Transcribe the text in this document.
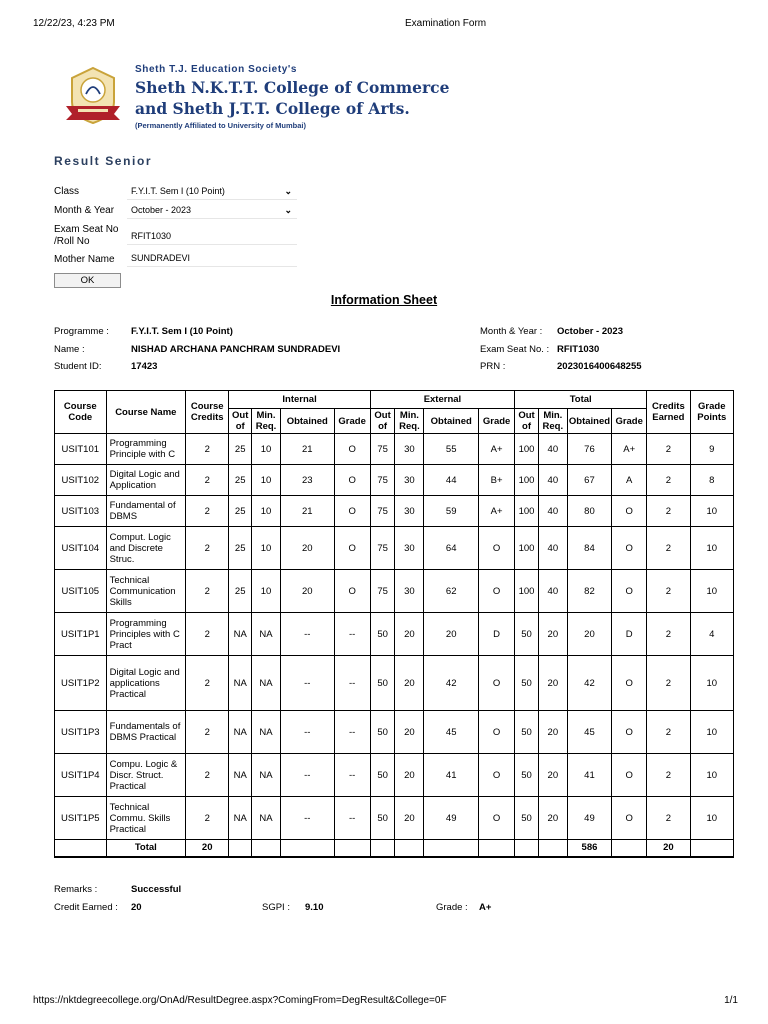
12/22/23, 4:23 PM	Examination Form
Sheth T.J. Education Society's
Sheth N.K.T.T. College of Commerce
and Sheth J.T.T. College of Arts.
(Permanently Affiliated to University of Mumbai)
Result Senior
Class	F.Y.I.T. Sem I (10 Point)	⌄
Month & Year	October - 2023	⌄
Exam Seat No
/Roll No	RFIT1030
Mother Name	SUNDRADEVI
OK
Information Sheet
Programme : F.Y.I.T. Sem I (10 Point)
Name :	NISHAD ARCHANA PANCHRAM SUNDRADEVI
Student ID:	17423
Month & Year : October - 2023
Exam Seat No. : RFIT1030
PRN :	2023016400648255
Course Code	Course Name	Course Credits	Internal				External				Total				Credits Earned	Grade Points
			Out of	Min. Req.	Obtained	Grade	Out of	Min. Req.	Obtained	Grade	Out of	Min. Req.	Obtained	Grade		
USIT101	Programming Principle with C	2	25	10	21	O	75	30	55	A+	100	40	76	A+	2	9
USIT102	Digital Logic and Application	2	25	10	23	O	75	30	44	B+	100	40	67	A	2	8
USIT103	Fundamental of DBMS	2	25	10	21	O	75	30	59	A+	100	40	80	O	2	10
USIT104	Comput. Logic and Discrete Struc.	2	25	10	20	O	75	30	64	O	100	40	84	O	2	10
USIT105	Technical Communication Skills	2	25	10	20	O	75	30	62	O	100	40	82	O	2	10
USIT1P1	Programming Principles with C Pract	2	NA	NA	--	--	50	20	20	D	50	20	20	D	2	4
USIT1P2	Digital Logic and applications Practical	2	NA	NA	--	--	50	20	42	O	50	20	42	O	2	10
USIT1P3	Fundamentals of DBMS Practical	2	NA	NA	--	--	50	20	45	O	50	20	45	O	2	10
USIT1P4	Compu. Logic & Discr. Struct. Practical	2	NA	NA	--	--	50	20	41	O	50	20	41	O	2	10
USIT1P5	Technical Commu. Skills Practical	2	NA	NA	--	--	50	20	49	O	50	20	49	O	2	10
	Total	20											586		20	
Remarks :	Successful
Credit Earned : 20	SGPI : 9.10	Grade : A+
https://nktdegreecollege.org/OnAd/ResultDegree.aspx?ComingFrom=DegResult&College=0F	1/1
